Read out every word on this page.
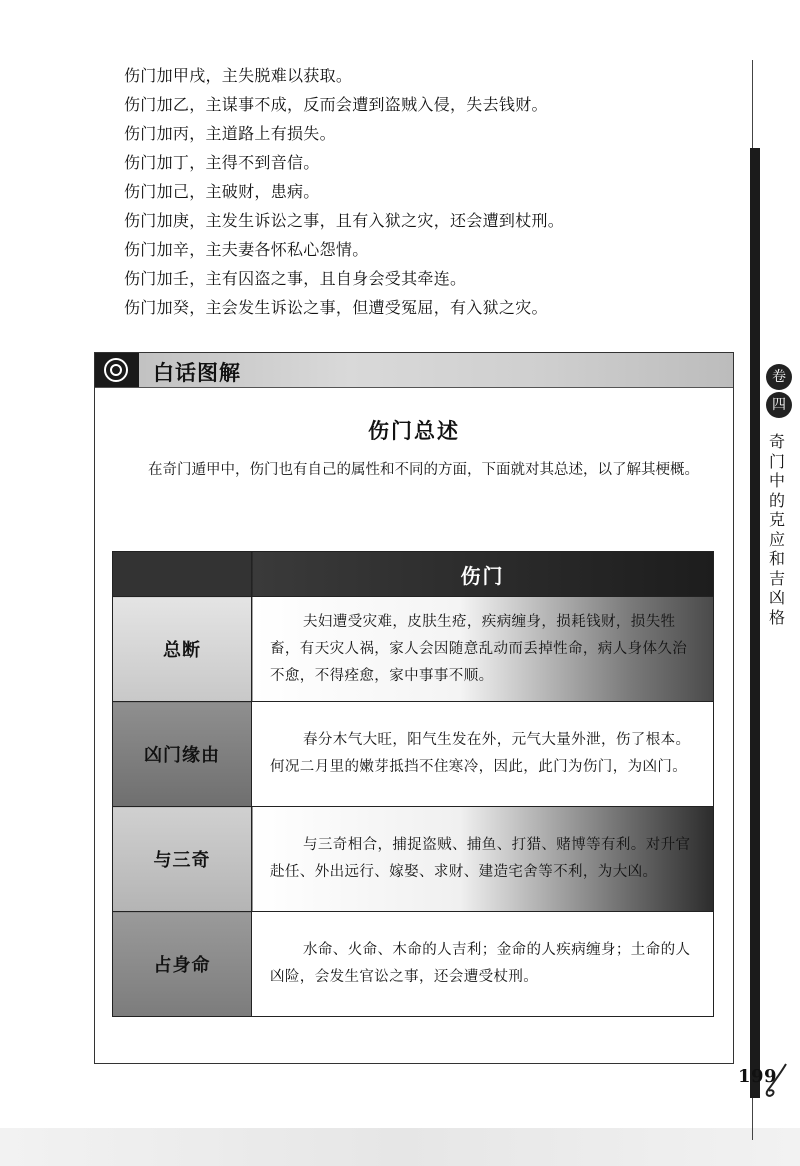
伤门加甲戌，主失脱难以获取。
伤门加乙，主谋事不成，反而会遭到盗贼入侵，失去钱财。
伤门加丙，主道路上有损失。
伤门加丁，主得不到音信。
伤门加己，主破财，患病。
伤门加庚，主发生诉讼之事，且有入狱之灾，还会遭到杖刑。
伤门加辛，主夫妻各怀私心怨情。
伤门加壬，主有囚盗之事，且自身会受其牵连。
伤门加癸，主会发生诉讼之事，但遭受冤屈，有入狱之灾。
白话图解
伤门总述
在奇门遁甲中，伤门也有自己的属性和不同的方面，下面就对其总述，以了解其梗概。
	伤门
总断	夫妇遭受灾难，皮肤生疮，疾病缠身，损耗钱财，损失牲畜，有天灾人祸，家人会因随意乱动而丢掉性命，病人身体久治不愈，不得痊愈，家中事事不顺。

凶门缘由	春分木气大旺，阳气生发在外，元气大量外泄，伤了根本。何况二月里的嫩芽抵挡不住寒冷，因此，此门为伤门，为凶门。

与三奇	与三奇相合，捕捉盗贼、捕鱼、打猎、赌博等有利。对升官赴任、外出远行、嫁娶、求财、建造宅舍等不利，为大凶。

占身命	水命、火命、木命的人吉利；金命的人疾病缠身；土命的人凶险，会发生官讼之事，还会遭受杖刑。

卷
四
奇门中的克应和吉凶格
199
